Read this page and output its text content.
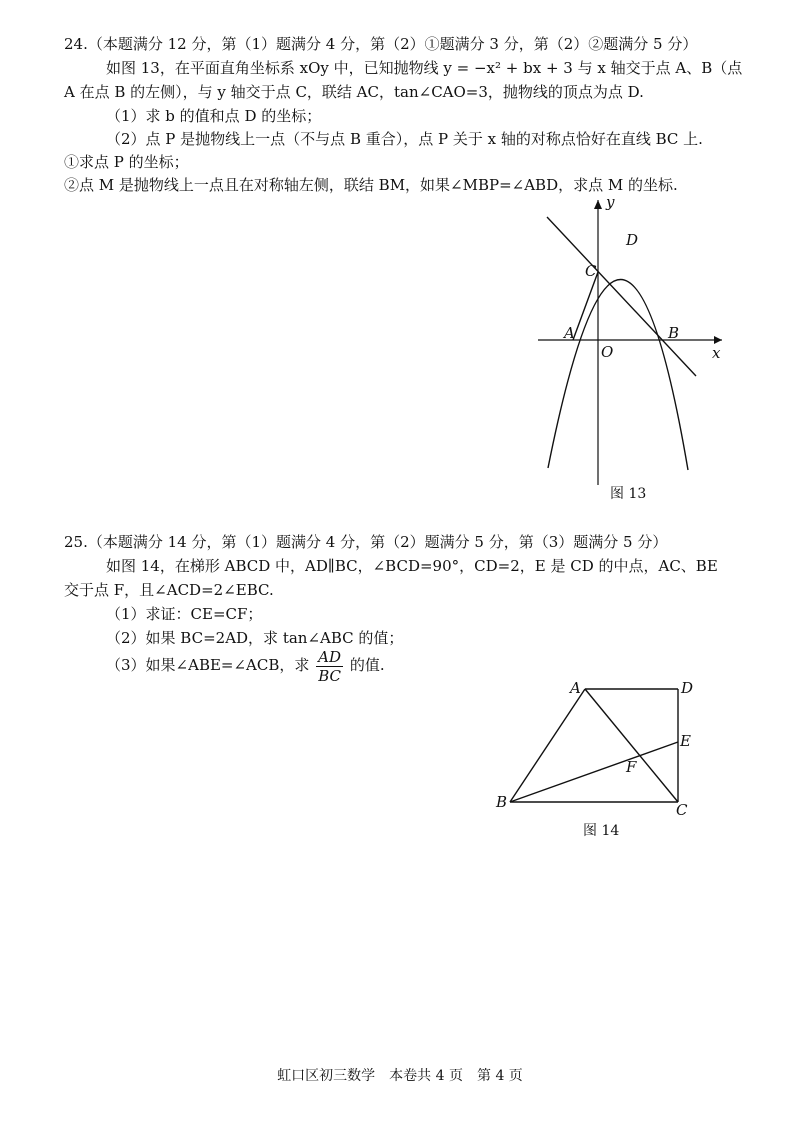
24.（本题满分 12 分，第（1）题满分 4 分，第（2）①题满分 3 分，第（2）②题满分 5 分）
如图 13，在平面直角坐标系 xOy 中，已知抛物线 y = −x² + bx + 3 与 x 轴交于点 A、B（点
A 在点 B 的左侧），与 y 轴交于点 C，联结 AC，tan∠CAO=3，抛物线的顶点为点 D.
（1）求 b 的值和点 D 的坐标；
（2）点 P 是抛物线上一点（不与点 B 重合），点 P 关于 x 轴的对称点恰好在直线 BC 上.
①求点 P 的坐标；
②点 M 是抛物线上一点且在对称轴左侧，联结 BM，如果∠MBP=∠ABD，求点 M 的坐标.
y
x
O
A	B
C
D
图 13
25.（本题满分 14 分，第（1）题满分 4 分，第（2）题满分 5 分，第（3）题满分 5 分）
如图 14，在梯形 ABCD 中，AD∥BC，∠BCD=90°，CD=2，E 是 CD 的中点，AC、BE
交于点 F，且∠ACD=2∠EBC.
（1）求证：CE=CF；
（2）如果 BC=2AD，求 tan∠ABC 的值；
（3）如果∠ABE=∠ACB，求 $\frac{AD}{BC}$ 的值.
A	D
E
F
B	C
图 14
虹口区初三数学　本卷共 4 页　第 4 页
